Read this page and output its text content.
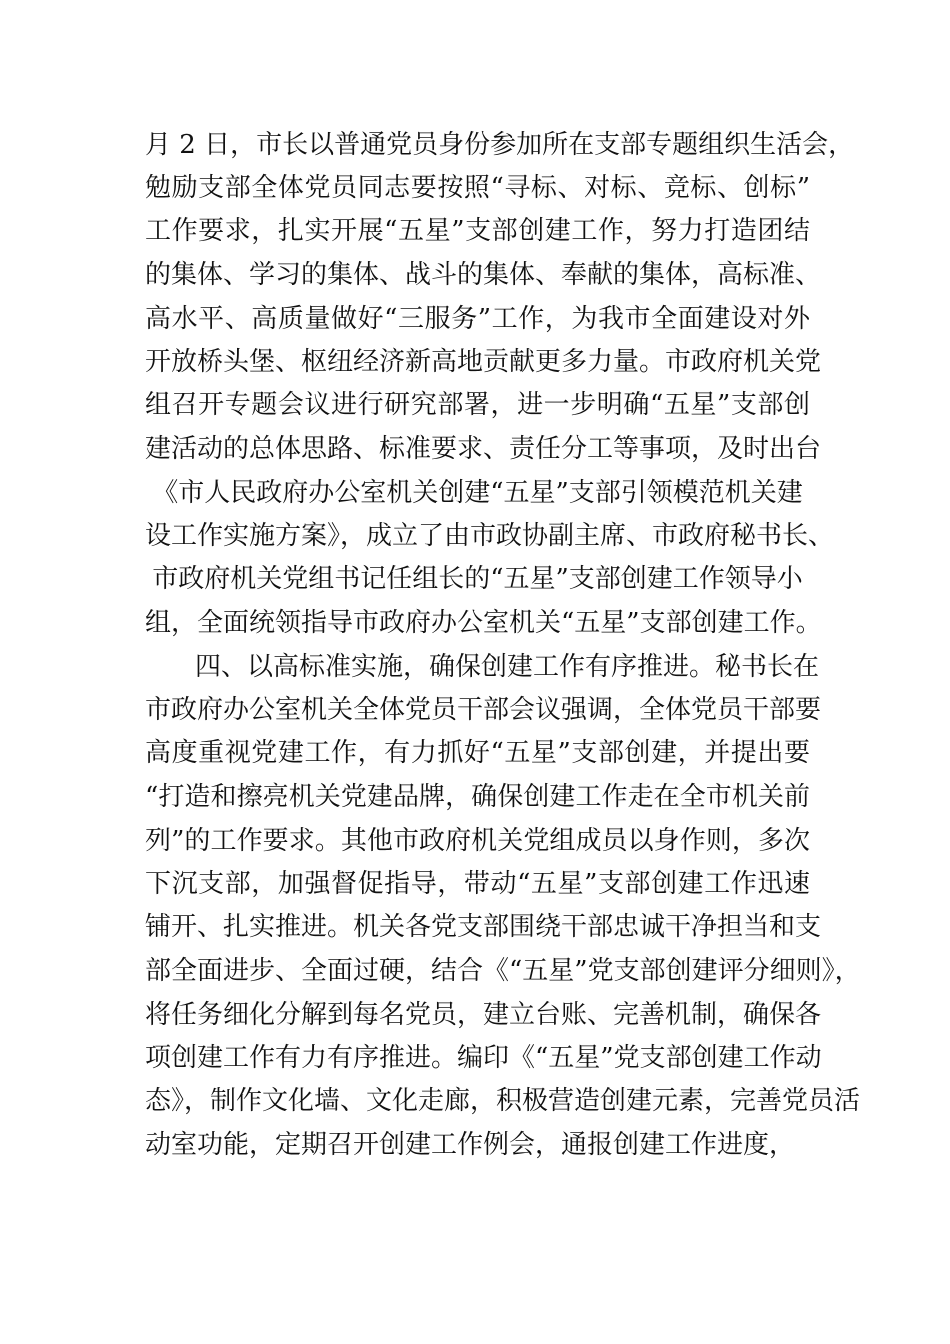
月 2 日，市长以普通党员身份参加所在支部专题组织生活会，
勉励支部全体党员同志要按照“寻标、对标、竞标、创标”
工作要求，扎实开展“五星”支部创建工作，努力打造团结
的集体、学习的集体、战斗的集体、奉献的集体，高标准、
高水平、高质量做好“三服务”工作，为我市全面建设对外
开放桥头堡、枢纽经济新高地贡献更多力量。市政府机关党
组召开专题会议进行研究部署，进一步明确“五星”支部创
建活动的总体思路、标准要求、责任分工等事项，及时出台
《市人民政府办公室机关创建“五星”支部引领模范机关建
设工作实施方案》，成立了由市政协副主席、市政府秘书长、
市政府机关党组书记任组长的“五星”支部创建工作领导小
组，全面统领指导市政府办公室机关“五星”支部创建工作。
四、以高标准实施，确保创建工作有序推进。秘书长在
市政府办公室机关全体党员干部会议强调，全体党员干部要
高度重视党建工作，有力抓好“五星”支部创建，并提出要
“打造和擦亮机关党建品牌，确保创建工作走在全市机关前
列”的工作要求。其他市政府机关党组成员以身作则，多次
下沉支部，加强督促指导，带动“五星”支部创建工作迅速
铺开、扎实推进。机关各党支部围绕干部忠诚干净担当和支
部全面进步、全面过硬，结合《“五星”党支部创建评分细则》，
将任务细化分解到每名党员，建立台账、完善机制，确保各
项创建工作有力有序推进。编印《“五星”党支部创建工作动
态》，制作文化墙、文化走廊，积极营造创建元素，完善党员活
动室功能，定期召开创建工作例会，通报创建工作进度，
